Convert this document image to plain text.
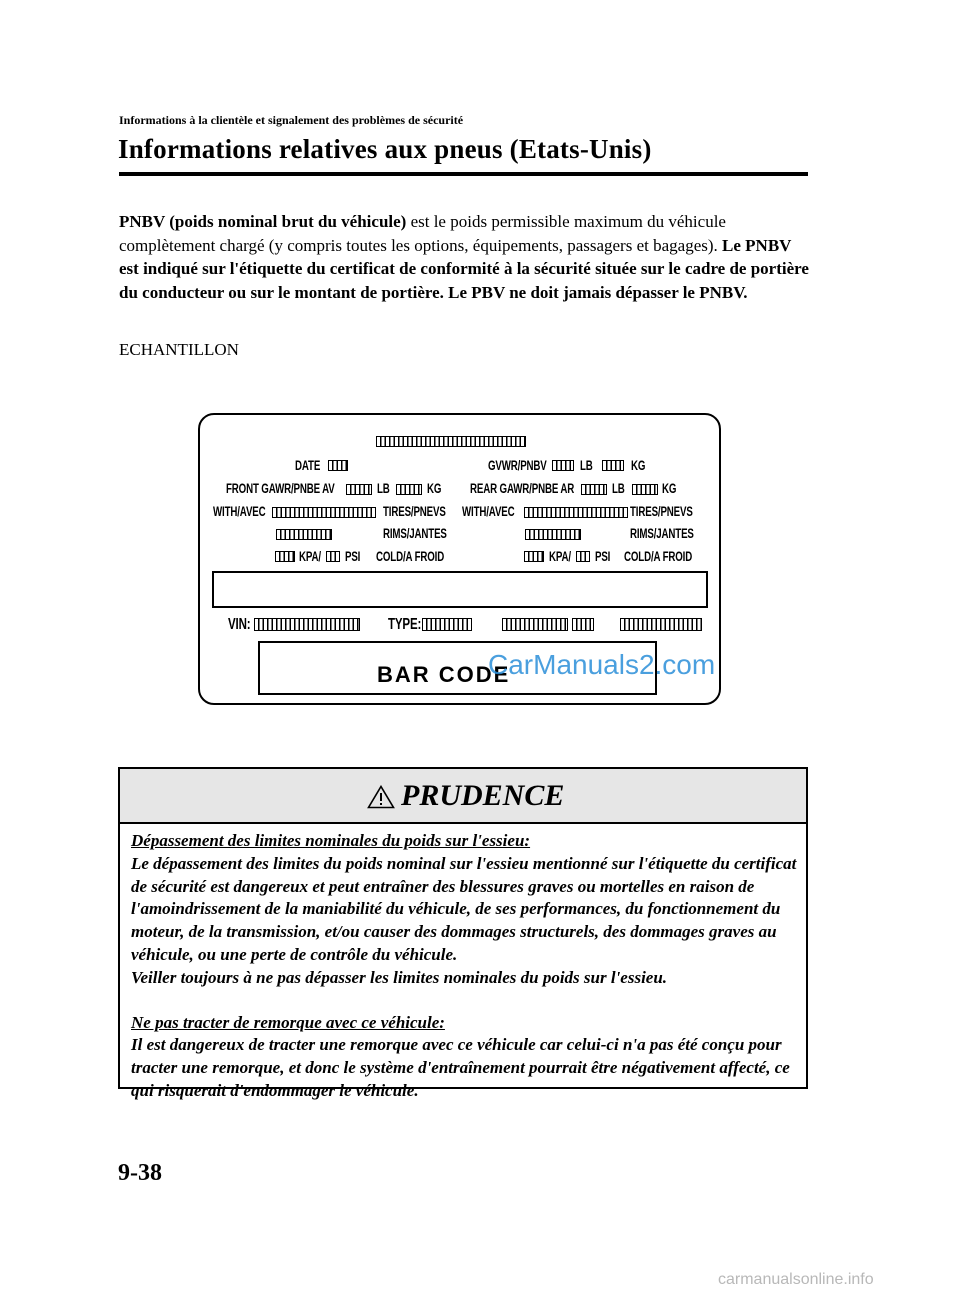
Informations à la clientèle et signalement des problèmes de sécurité
Informations relatives aux pneus (Etats-Unis)
PNBV (poids nominal brut du véhicule) est le poids permissible maximum du véhicule complètement chargé (y compris toutes les options, équipements, passagers et bagages). Le PNBV est indiqué sur l'étiquette du certificat de conformité à la sécurité située sur le cadre de portière du conducteur ou sur le montant de portière. Le PBV ne doit jamais dépasser le PNBV.
ECHANTILLON
DATE	GVWR/PNBV LB	KG
FRONT GAWR/PNBE AV	LB	KG REAR GAWR/PNBE AR	LB	KG
WITH/AVEC	TIRES/PNEVS WITH/AVEC	TIRES/PNEVS
RIMS/JANTES	RIMS/JANTES
KPA/ PSI COLD/A FROID	KPA/ PSI COLD/A FROID
VIN:	TYPE:
BAR CODE
CarManuals2.com
PRUDENCE
Dépassement des limites nominales du poids sur l'essieu:
Le dépassement des limites du poids nominal sur l'essieu mentionné sur l'étiquette du certificat de sécurité est dangereux et peut entraîner des blessures graves ou mortelles en raison de l'amoindrissement de la maniabilité du véhicule, de ses performances, du fonctionnement du moteur, de la transmission, et/ou causer des dommages structurels, des dommages graves au véhicule, ou une perte de contrôle du véhicule.
Veiller toujours à ne pas dépasser les limites nominales du poids sur l'essieu.
Ne pas tracter de remorque avec ce véhicule:
Il est dangereux de tracter une remorque avec ce véhicule car celui-ci n'a pas été conçu pour tracter une remorque, et donc le système d'entraînement pourrait être négativement affecté, ce qui risquerait d'endommager le véhicule.
9-38
carmanualsonline.info
